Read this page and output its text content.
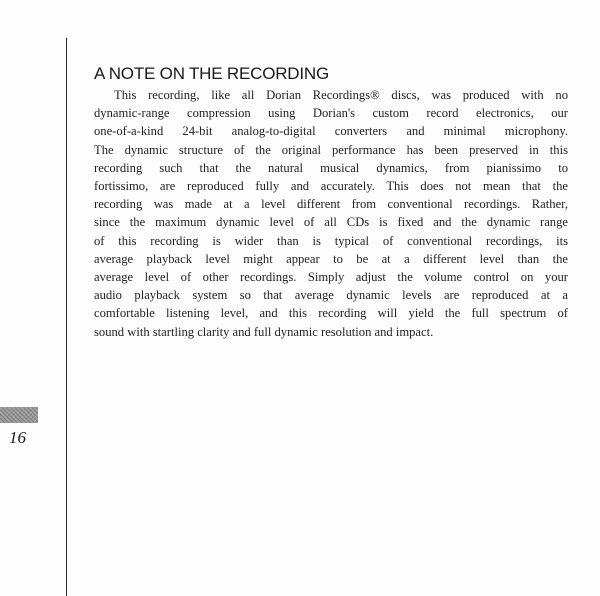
16

A NOTE ON THE RECORDING

This recording, like all Dorian Recordings® discs, was produced with no
dynamic-range compression using Dorian's custom record electronics, our
one-of-a-kind 24-bit analog-to-digital converters and minimal microphony.
The dynamic structure of the original performance has been preserved in this
recording such that the natural musical dynamics, from pianissimo to
fortissimo, are reproduced fully and accurately. This does not mean that the
recording was made at a level different from conventional recordings. Rather,
since the maximum dynamic level of all CDs is fixed and the dynamic range
of this recording is wider than is typical of conventional recordings, its
average playback level might appear to be at a different level than the
average level of other recordings. Simply adjust the volume control on your
audio playback system so that average dynamic levels are reproduced at a
comfortable listening level, and this recording will yield the full spectrum of
sound with startling clarity and full dynamic resolution and impact.
